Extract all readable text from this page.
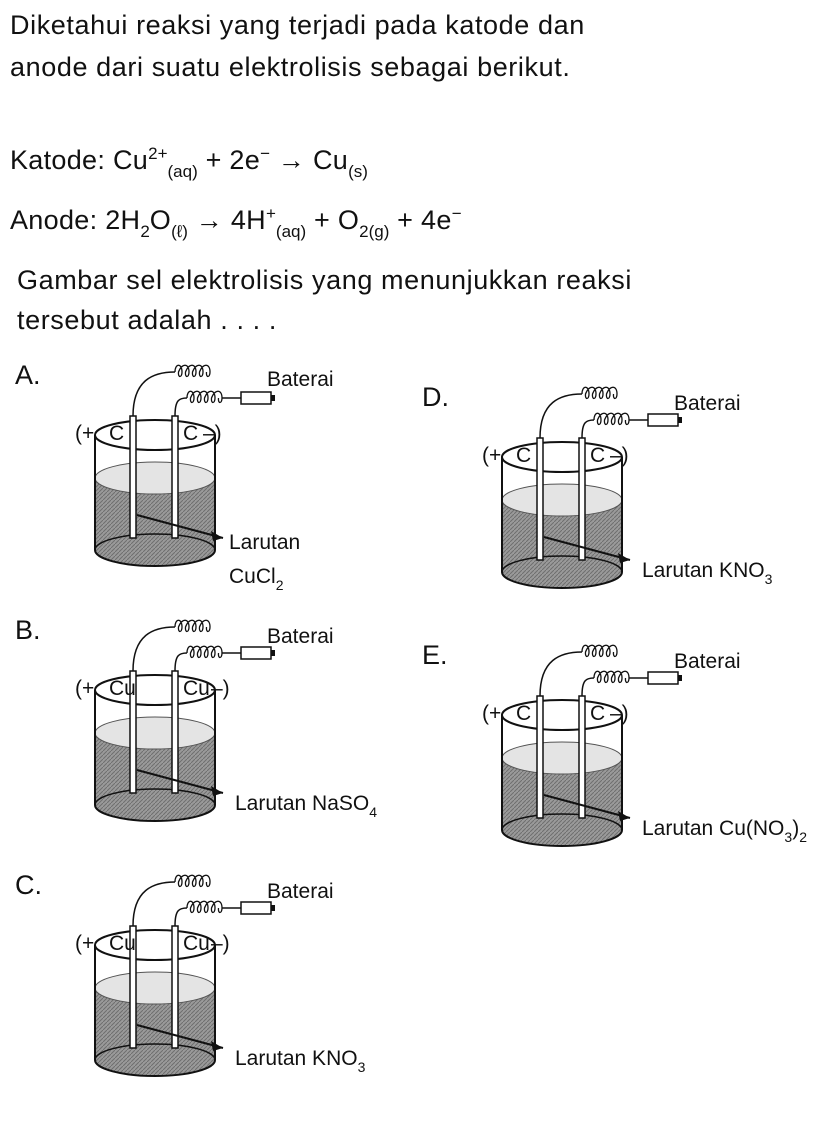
Diketahui reaksi yang terjadi pada katode dan anode dari suatu elektrolisis sebagai berikut.

Katode: $Cu^{2+}_{(aq)} + 2e^- \to Cu_{(s)}$
Anode: $2H_2O_{(\ell)} \to 4H^+_{(aq)} + O_{2(g)} + 4e^-$

Gambar sel elektrolisis yang menunjukkan reaksi tersebut adalah . . . .

A.	Baterai
(+ C	C –)
Larutan
CuCl$_2$
B.	Baterai
(+ Cu Cu –)
Larutan NaSO$_4$
C.	Baterai
(+ Cu Cu –)
Larutan $KNO_3$
D.	Baterai
(+ C	C –)
Larutan $KNO_3$
E.	Baterai
(+ C	C –)
Larutan $Cu(NO_3)_2$
